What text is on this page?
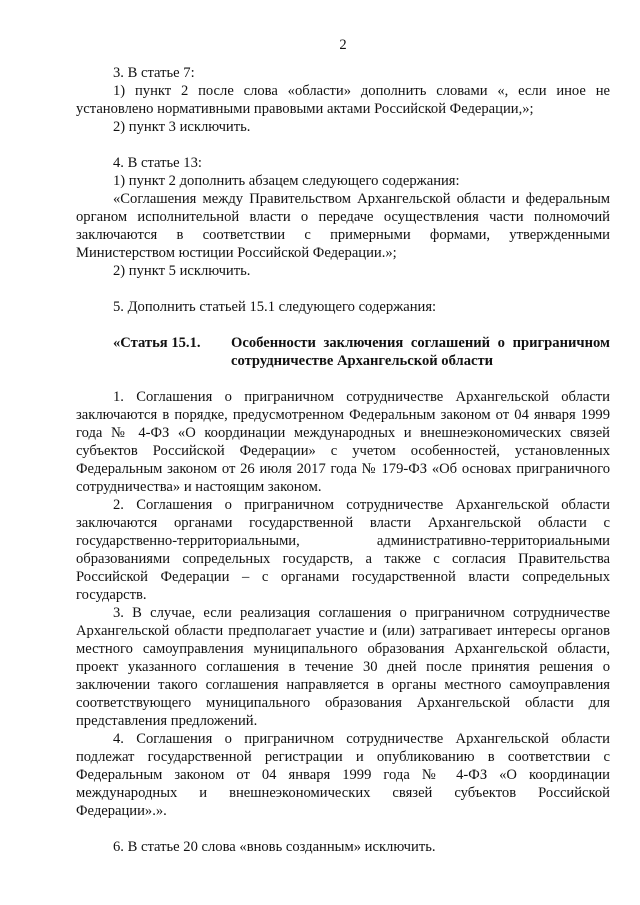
2

3. В статье 7:

1) пункт 2 после слова «области» дополнить словами «, если иное не установлено нормативными правовыми актами Российской Федерации,»;

2) пункт 3 исключить.

4. В статье 13:

1) пункт 2 дополнить абзацем следующего содержания:

«Соглашения между Правительством Архангельской области и федеральным органом исполнительной власти о передаче осуществления части полномочий заключаются в соответствии с примерными формами, утвержденными Министерством юстиции Российской Федерации.»;

2) пункт 5 исключить.

5. Дополнить статьей 15.1 следующего содержания:

«Статья 15.1.	Особенности заключения соглашений о приграничном сотрудничестве Архангельской области

1. Соглашения о приграничном сотрудничестве Архангельской области заключаются в порядке, предусмотренном Федеральным законом от 04 января 1999 года № 4-ФЗ «О координации международных и внешнеэкономических связей субъектов Российской Федерации» с учетом особенностей, установленных Федеральным законом от 26 июля 2017 года № 179-ФЗ «Об основах приграничного сотрудничества» и настоящим законом.

2. Соглашения о приграничном сотрудничестве Архангельской области заключаются органами государственной власти Архангельской области с государственно-территориальными, административно-территориальными образованиями сопредельных государств, а также с согласия Правительства Российской Федерации – с органами государственной власти сопредельных государств.

3. В случае, если реализация соглашения о приграничном сотрудничестве Архангельской области предполагает участие и (или) затрагивает интересы органов местного самоуправления муниципального образования Архангельской области, проект указанного соглашения в течение 30 дней после принятия решения о заключении такого соглашения направляется в органы местного самоуправления соответствующего муниципального образования Архангельской области для представления предложений.

4. Соглашения о приграничном сотрудничестве Архангельской области подлежат государственной регистрации и опубликованию в соответствии с Федеральным законом от 04 января 1999 года № 4-ФЗ «О координации международных и внешнеэкономических связей субъектов Российской Федерации».».

6. В статье 20 слова «вновь созданным» исключить.
